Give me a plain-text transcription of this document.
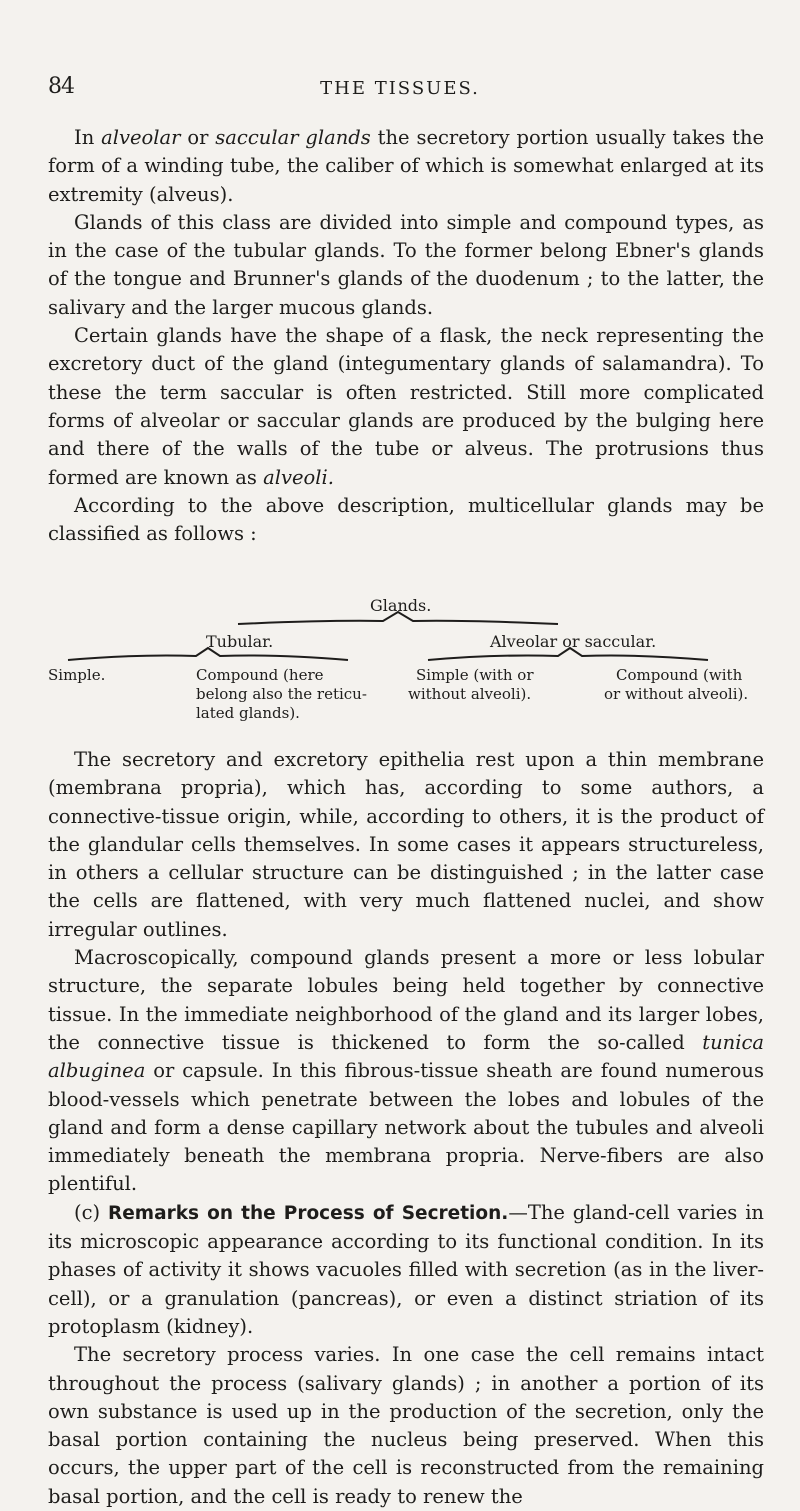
84	THE TISSUES.

In alveolar or saccular glands the secretory portion usually takes the form of a winding tube, the caliber of which is somewhat enlarged at its extremity (alveus).

Glands of this class are divided into simple and compound types, as in the case of the tubular glands. To the former belong Ebner's glands of the tongue and Brunner's glands of the duodenum ; to the latter, the salivary and the larger mucous glands.

Certain glands have the shape of a flask, the neck representing the excretory duct of the gland (integumentary glands of salamandra). To these the term saccular is often restricted. Still more complicated forms of alveolar or saccular glands are produced by the bulging here and there of the walls of the tube or alveus. The protrusions thus formed are known as alveoli.

According to the above description, multicellular glands may be classified as follows :

Glands.
Tubular.	Alveolar or saccular.
Simple.	Compound (here
belong also the reticu-
lated glands).
Simple (with or
without alveoli).
Compound (with
or without alveoli).

The secretory and excretory epithelia rest upon a thin membrane (membrana propria), which has, according to some authors, a connective-tissue origin, while, according to others, it is the product of the glandular cells themselves. In some cases it appears structureless, in others a cellular structure can be distinguished ; in the latter case the cells are flattened, with very much flattened nuclei, and show irregular outlines.

Macroscopically, compound glands present a more or less lobular structure, the separate lobules being held together by connective tissue. In the immediate neighborhood of the gland and its larger lobes, the connective tissue is thickened to form the so-called tunica albuginea or capsule. In this fibrous-tissue sheath are found numerous blood-vessels which penetrate between the lobes and lobules of the gland and form a dense capillary network about the tubules and alveoli immediately beneath the membrana propria. Nerve-fibers are also plentiful.

(c) Remarks on the Process of Secretion.—The gland-cell varies in its microscopic appearance according to its functional condition. In its phases of activity it shows vacuoles filled with secretion (as in the liver-cell), or a granulation (pancreas), or even a distinct striation of its protoplasm (kidney).

The secretory process varies. In one case the cell remains intact throughout the process (salivary glands) ; in another a portion of its own substance is used up in the production of the secretion, only the basal portion containing the nucleus being preserved. When this occurs, the upper part of the cell is reconstructed from the remaining basal portion, and the cell is ready to renew the
